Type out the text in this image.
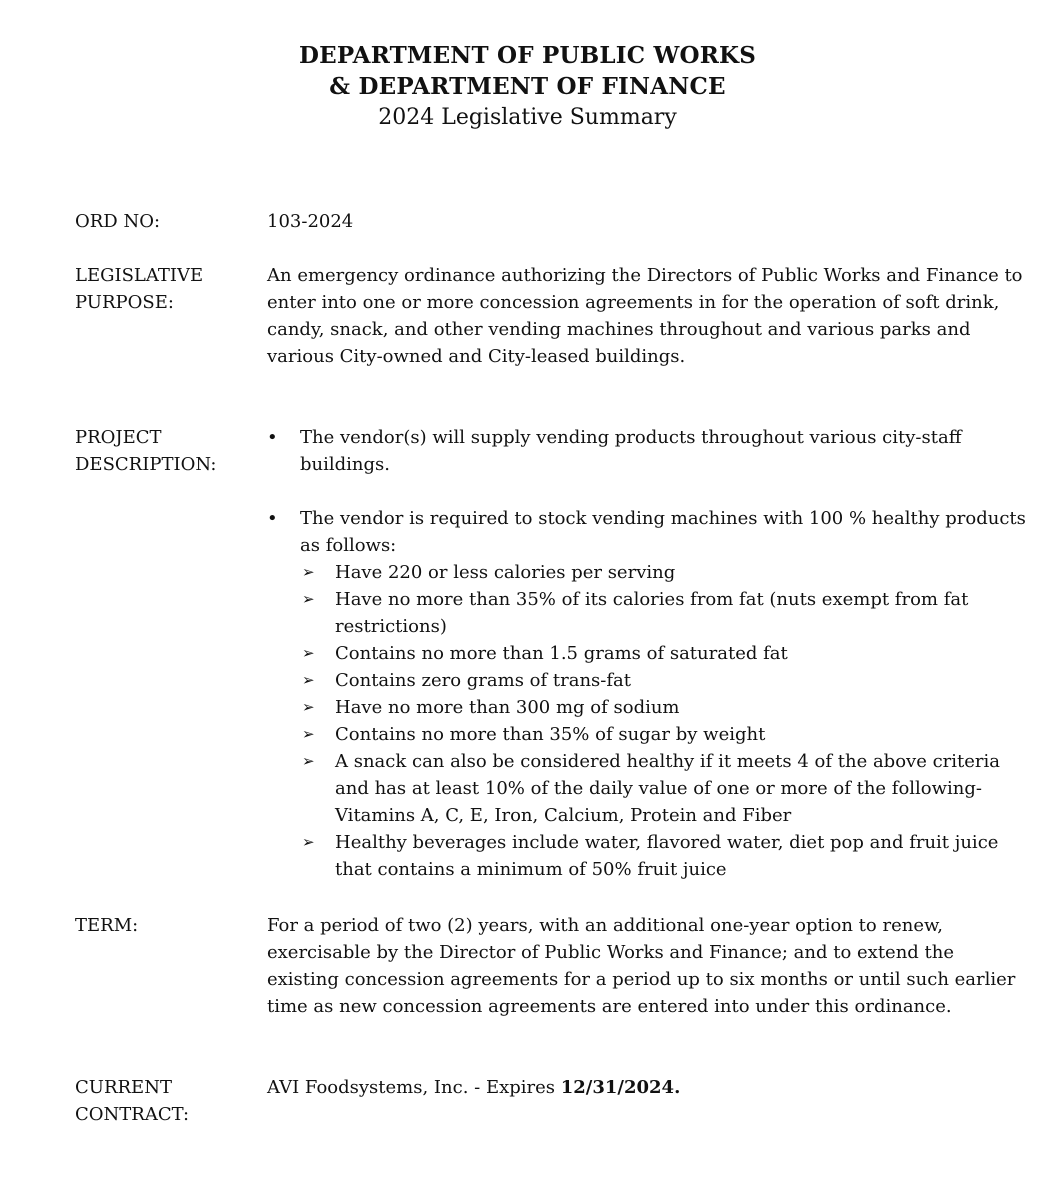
DEPARTMENT OF PUBLIC WORKS
& DEPARTMENT OF FINANCE
2024 Legislative Summary
ORD NO:	103-2024
LEGISLATIVE
PURPOSE:
An emergency ordinance authorizing the Directors of Public Works and Finance to enter into one or more concession agreements in for the operation of soft drink, candy, snack, and other vending machines throughout and various parks and various City-owned and City-leased buildings.
PROJECT
DESCRIPTION:
•	The vendor(s) will supply vending products throughout various city-staff buildings.
•	The vendor is required to stock vending machines with 100 % healthy products as follows:
➢	Have 220 or less calories per serving
➢	Have no more than 35% of its calories from fat (nuts exempt from fat restrictions)
➢	Contains no more than 1.5 grams of saturated fat
➢	Contains zero grams of trans-fat
➢	Have no more than 300 mg of sodium
➢	Contains no more than 35% of sugar by weight
➢	A snack can also be considered healthy if it meets 4 of the above criteria and has at least 10% of the daily value of one or more of the following-Vitamins A, C, E, Iron, Calcium, Protein and Fiber
➢	Healthy beverages include water, flavored water, diet pop and fruit juice that contains a minimum of 50% fruit juice
TERM:	For a period of two (2) years, with an additional one-year option to renew, exercisable by the Director of Public Works and Finance; and to extend the existing concession agreements for a period up to six months or until such earlier time as new concession agreements are entered into under this ordinance.
CURRENT
CONTRACT:
AVI Foodsystems, Inc. - Expires 12/31/2024.
